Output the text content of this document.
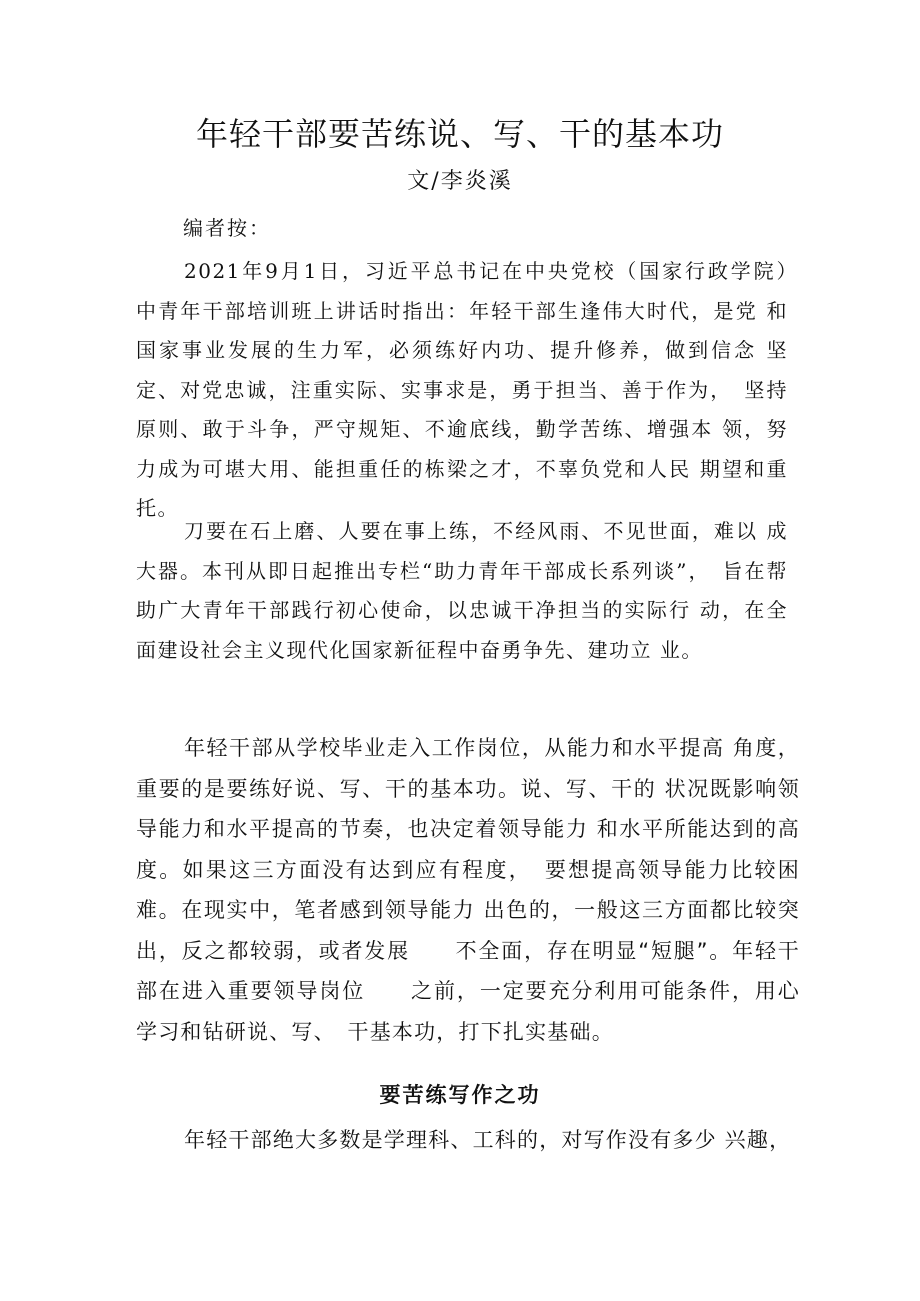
年轻干部要苦练说、写、干的基本功
文/李炎溪
编者按：

2021年9月1日，习近平总书记在中央党校（国家行政学院）　中青年干部培训班上讲话时指出：年轻干部生逢伟大时代，是党 和国家事业发展的生力军，必须练好内功、提升修养，做到信念 坚定、对党忠诚，注重实际、实事求是，勇于担当、善于作为，　坚持原则、敢于斗争，严守规矩、不逾底线，勤学苦练、增强本 领，努力成为可堪大用、能担重任的栋梁之才，不辜负党和人民 期望和重托。

刀要在石上磨、人要在事上练，不经风雨、不见世面，难以 成大器。本刊从即日起推出专栏“助力青年干部成长系列谈”，　旨在帮助广大青年干部践行初心使命，以忠诚干净担当的实际行 动，在全面建设社会主义现代化国家新征程中奋勇争先、建功立 业。

年轻干部从学校毕业走入工作岗位，从能力和水平提高 角度，重要的是要练好说、写、干的基本功。说、写、干的 状况既影响领导能力和水平提高的节奏，也决定着领导能力 和水平所能达到的高度。如果这三方面没有达到应有程度，　要想提高领导能力比较困难。在现实中，笔者感到领导能力 出色的，一般这三方面都比较突出，反之都较弱，或者发展　　不全面，存在明显“短腿”。年轻干部在进入重要领导岗位　　之前，一定要充分利用可能条件，用心学习和钻研说、写、　干基本功，打下扎实基础。

要苦练写作之功

年轻干部绝大多数是学理科、工科的，对写作没有多少 兴趣，
